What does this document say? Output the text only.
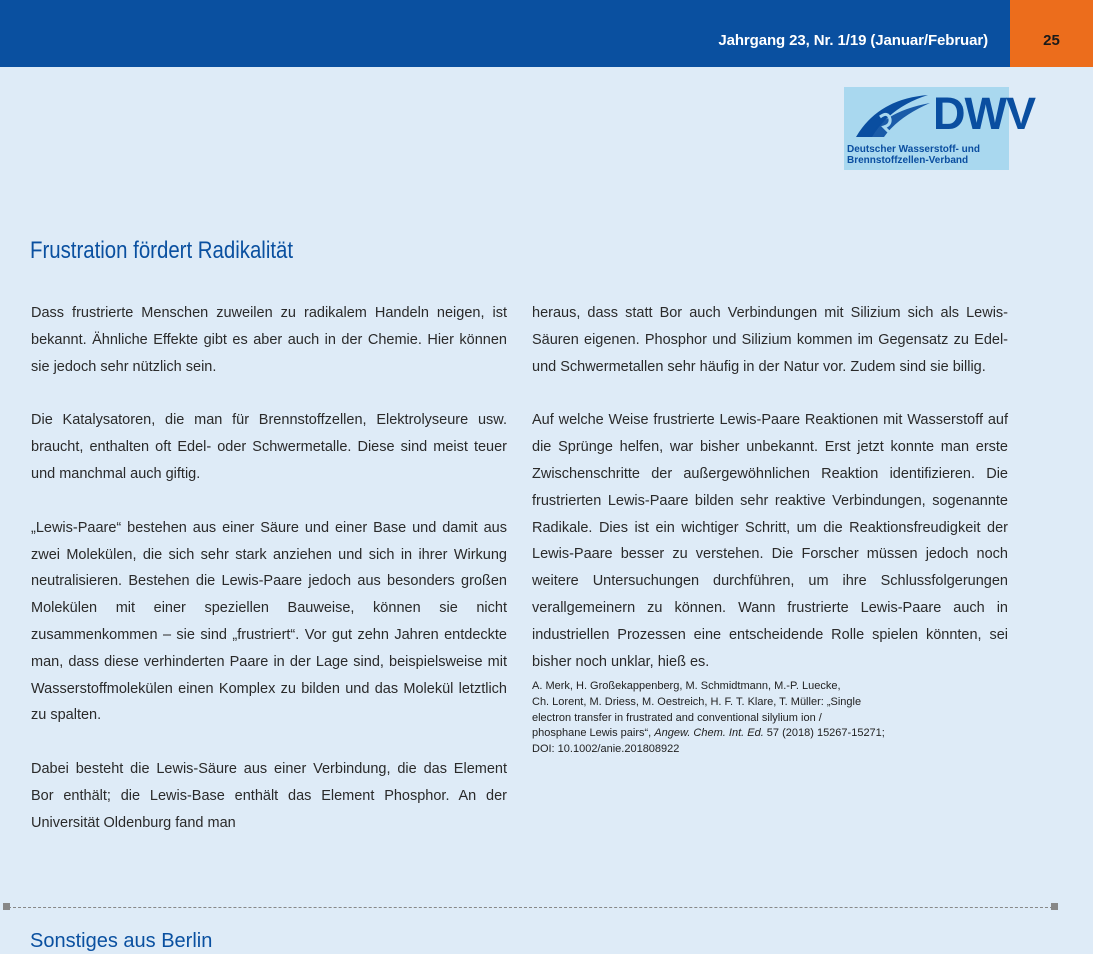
Jahrgang 23, Nr. 1/19 (Januar/Februar)	25
DWV
Deutscher Wasserstoff- und
Brennstoffzellen-Verband
Frustration fördert Radikalität

Dass frustrierte Menschen zuweilen zu radikalem Handeln neigen, ist bekannt. Ähnliche Effekte gibt es aber auch in der Chemie. Hier können sie jedoch sehr nützlich sein.

Die Katalysatoren, die man für Brennstoffzellen, Elektrolyseure usw. braucht, enthalten oft Edel- oder Schwermetalle. Diese sind meist teuer und manchmal auch giftig.

„Lewis-Paare“ bestehen aus einer Säure und einer Base und damit aus zwei Molekülen, die sich sehr stark anziehen und sich in ihrer Wirkung neutralisieren. Bestehen die Lewis-Paare jedoch aus besonders großen Molekülen mit einer speziellen Bauweise, können sie nicht zusammenkommen – sie sind „frustriert“. Vor gut zehn Jahren entdeckte man, dass diese verhinderten Paare in der Lage sind, beispielsweise mit Wasserstoffmolekülen einen Komplex zu bilden und das Molekül letztlich zu spalten.

Dabei besteht die Lewis-Säure aus einer Verbindung, die das Element Bor enthält; die Lewis-Base enthält das Element Phosphor. An der Universität Oldenburg fand man

heraus, dass statt Bor auch Verbindungen mit Silizium sich als Lewis-Säuren eigenen. Phosphor und Silizium kommen im Gegensatz zu Edel- und Schwermetallen sehr häufig in der Natur vor. Zudem sind sie billig.

Auf welche Weise frustrierte Lewis-Paare Reaktionen mit Wasserstoff auf die Sprünge helfen, war bisher unbekannt. Erst jetzt konnte man erste Zwischenschritte der außergewöhnlichen Reaktion identifizieren. Die frustrierten Lewis-Paare bilden sehr reaktive Verbindungen, sogenannte Radikale. Dies ist ein wichtiger Schritt, um die Reaktionsfreudigkeit der Lewis-Paare besser zu verstehen. Die Forscher müssen jedoch noch weitere Untersuchungen durchführen, um ihre Schlussfolgerungen verallgemeinern zu können. Wann frustrierte Lewis-Paare auch in industriellen Prozessen eine entscheidende Rolle spielen könnten, sei bisher noch unklar, hieß es.

A. Merk, H. Großekappenberg, M. Schmidtmann, M.-P. Luecke,
Ch. Lorent, M. Driess, M. Oestreich, H. F. T. Klare, T. Müller: „Single
electron transfer in frustrated and conventional silylium ion /
phosphane Lewis pairs“, Angew. Chem. Int. Ed. 57 (2018) 15267-15271;
DOI: 10.1002/anie.201808922
Sonstiges aus Berlin
